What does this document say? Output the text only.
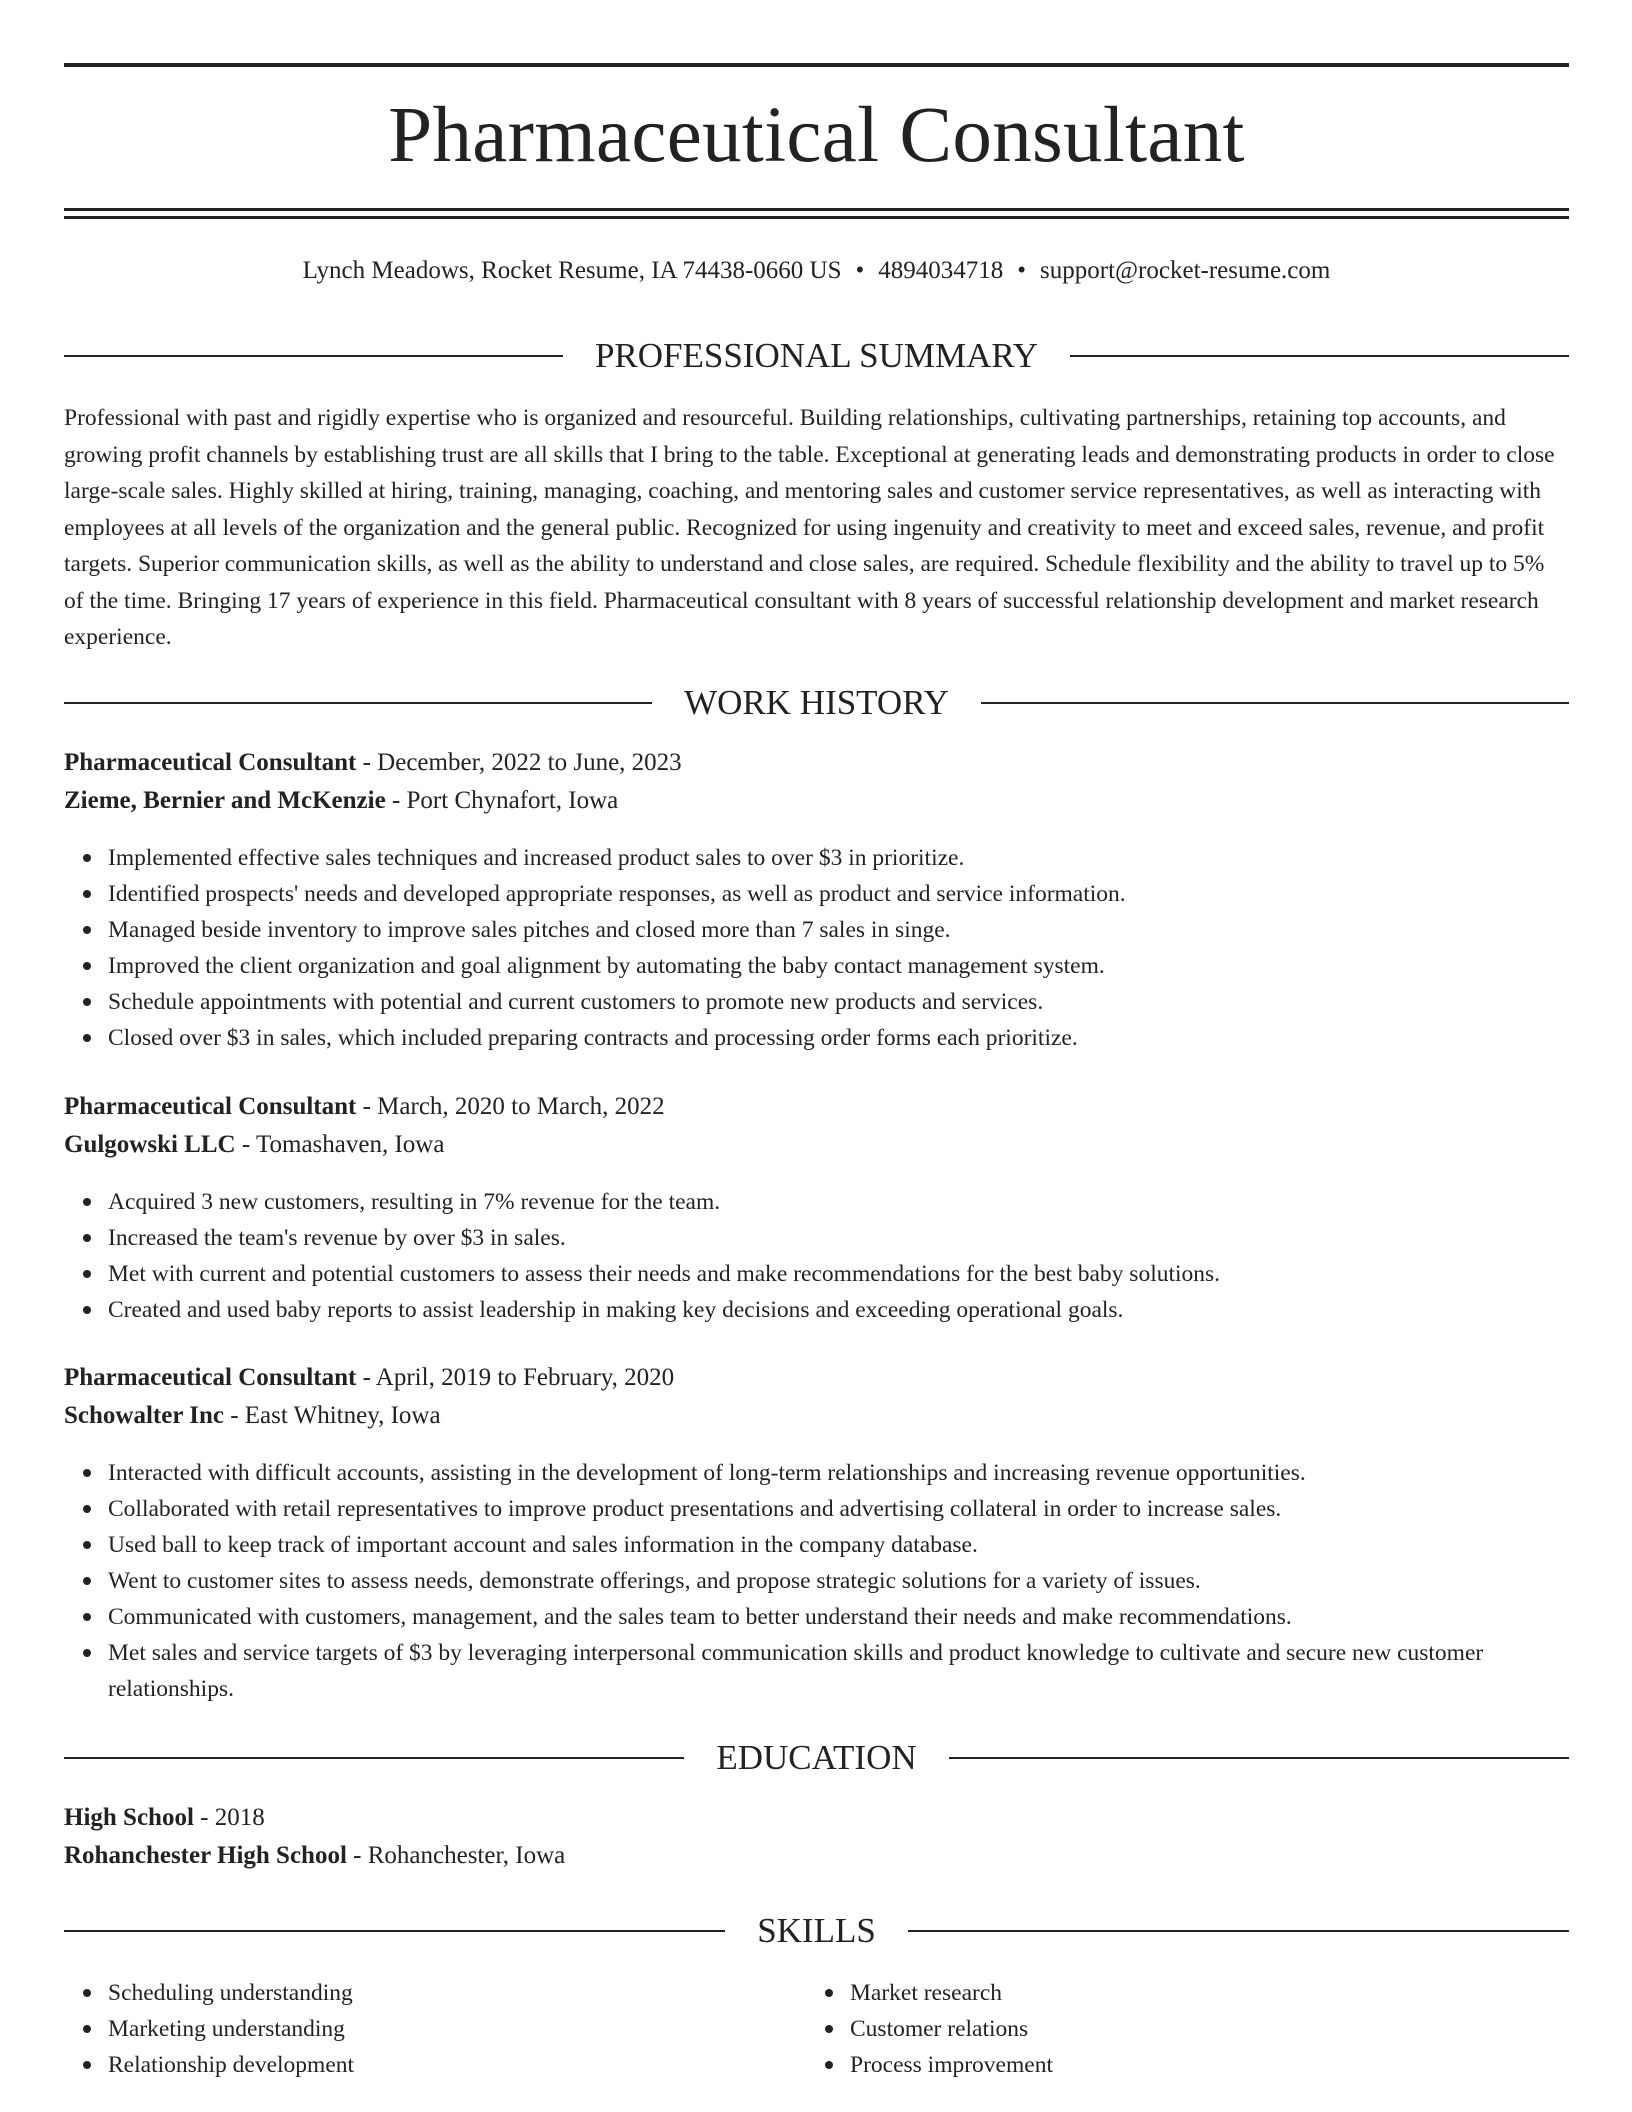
Pharmaceutical Consultant
Lynch Meadows, Rocket Resume, IA 74438-0660 US • 4894034718 • support@rocket-resume.com
PROFESSIONAL SUMMARY

Professional with past and rigidly expertise who is organized and resourceful. Building relationships, cultivating partnerships, retaining top accounts, and growing profit channels by establishing trust are all skills that I bring to the table. Exceptional at generating leads and demonstrating products in order to close large-scale sales. Highly skilled at hiring, training, managing, coaching, and mentoring sales and customer service representatives, as well as interacting with employees at all levels of the organization and the general public. Recognized for using ingenuity and creativity to meet and exceed sales, revenue, and profit targets. Superior communication skills, as well as the ability to understand and close sales, are required. Schedule flexibility and the ability to travel up to 5% of the time. Bringing 17 years of experience in this field. Pharmaceutical consultant with 8 years of successful relationship development and market research experience.

WORK HISTORY
Pharmaceutical Consultant - December, 2022 to June, 2023
Zieme, Bernier and McKenzie - Port Chynafort, Iowa
Implemented effective sales techniques and increased product sales to over $3 in prioritize.
Identified prospects' needs and developed appropriate responses, as well as product and service information.
Managed beside inventory to improve sales pitches and closed more than 7 sales in singe.
Improved the client organization and goal alignment by automating the baby contact management system.
Schedule appointments with potential and current customers to promote new products and services.
Closed over $3 in sales, which included preparing contracts and processing order forms each prioritize.
Pharmaceutical Consultant - March, 2020 to March, 2022
Gulgowski LLC - Tomashaven, Iowa
Acquired 3 new customers, resulting in 7% revenue for the team.
Increased the team's revenue by over $3 in sales.
Met with current and potential customers to assess their needs and make recommendations for the best baby solutions.
Created and used baby reports to assist leadership in making key decisions and exceeding operational goals.
Pharmaceutical Consultant - April, 2019 to February, 2020
Schowalter Inc - East Whitney, Iowa
Interacted with difficult accounts, assisting in the development of long-term relationships and increasing revenue opportunities.
Collaborated with retail representatives to improve product presentations and advertising collateral in order to increase sales.
Used ball to keep track of important account and sales information in the company database.
Went to customer sites to assess needs, demonstrate offerings, and propose strategic solutions for a variety of issues.
Communicated with customers, management, and the sales team to better understand their needs and make recommendations.
Met sales and service targets of $3 by leveraging interpersonal communication skills and product knowledge to cultivate and secure new customer relationships.
EDUCATION
High School - 2018
Rohanchester High School - Rohanchester, Iowa
SKILLS
Scheduling understanding
Marketing understanding
Relationship development
Market research
Customer relations
Process improvement
